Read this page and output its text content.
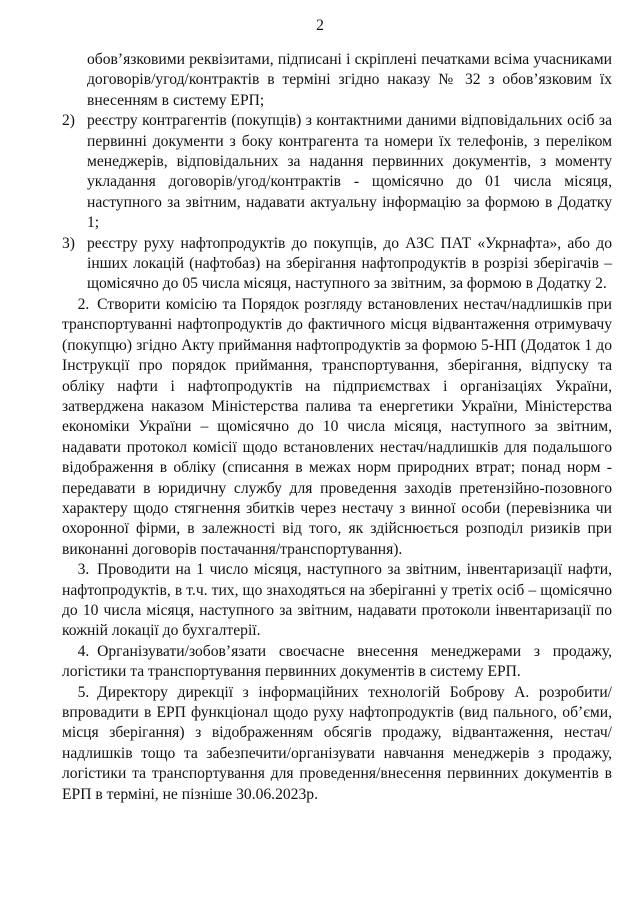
2

обов’язковими реквізитами, підписані і скріплені печатками всіма учасниками договорів/угод/контрактів в терміні згідно наказу № 32 з обов’язковим їх внесенням в систему ЕРП;

2) реєстру контрагентів (покупців) з контактними даними відповідальних осіб за первинні документи з боку контрагента та номери їх телефонів, з переліком менеджерів, відповідальних за надання первинних документів, з моменту укладання договорів/угод/контрактів - щомісячно до 01 числа місяця, наступного за звітним, надавати актуальну інформацію за формою в Додатку 1;
3) реєстру руху нафтопродуктів до покупців, до АЗС ПАТ «Укрнафта», або до інших локацій (нафтобаз) на зберігання нафтопродуктів в розрізі зберігачів – щомісячно до 05 числа місяця, наступного за звітним, за формою в Додатку 2.

 2.  Створити комісію та Порядок розгляду встановлених нестач/надлишків при транспортуванні нафтопродуктів до фактичного місця відвантаження отримувачу (покупцю) згідно Акту приймання нафтопродуктів за формою 5-НП (Додаток 1 до Інструкції про порядок приймання, транспортування, зберігання, відпуску та обліку нафти і нафтопродуктів на підприємствах і організаціях України, затверджена наказом Міністерства палива та енергетики України, Міністерства економіки України – щомісячно до 10 числа місяця, наступного за звітним, надавати протокол комісії щодо встановлених нестач/надлишків для подальшого відображення в обліку (списання в межах норм природних втрат; понад норм - передавати в юридичну службу для проведення заходів претензійно-позовного характеру щодо стягнення збитків через нестачу з винної особи (перевізника чи охоронної фірми, в залежності від того, як здійснюється розподіл ризиків при виконанні договорів постачання/транспортування).

 3.  Проводити на 1 число місяця, наступного за звітним, інвентаризації нафти, нафтопродуктів, в т.ч. тих, що знаходяться на зберіганні у третіх осіб – щомісячно до 10 числа місяця, наступного за звітним, надавати протоколи інвентаризації по кожній локації до бухгалтерії.

 4.  Організувати/зобов’язати своєчасне внесення менеджерами з продажу, логістики та транспортування первинних документів в систему ЕРП.

 5.  Директору дирекції з інформаційних технологій Боброву А. розробити/впровадити в ЕРП функціонал щодо руху нафтопродуктів (вид пального, об’єми, місця зберігання) з відображенням обсягів продажу, відвантаження, нестач/надлишків тощо та забезпечити/організувати навчання менеджерів з продажу, логістики та транспортування для проведення/внесення первинних документів в ЕРП в терміні, не пізніше 30.06.2023р.
